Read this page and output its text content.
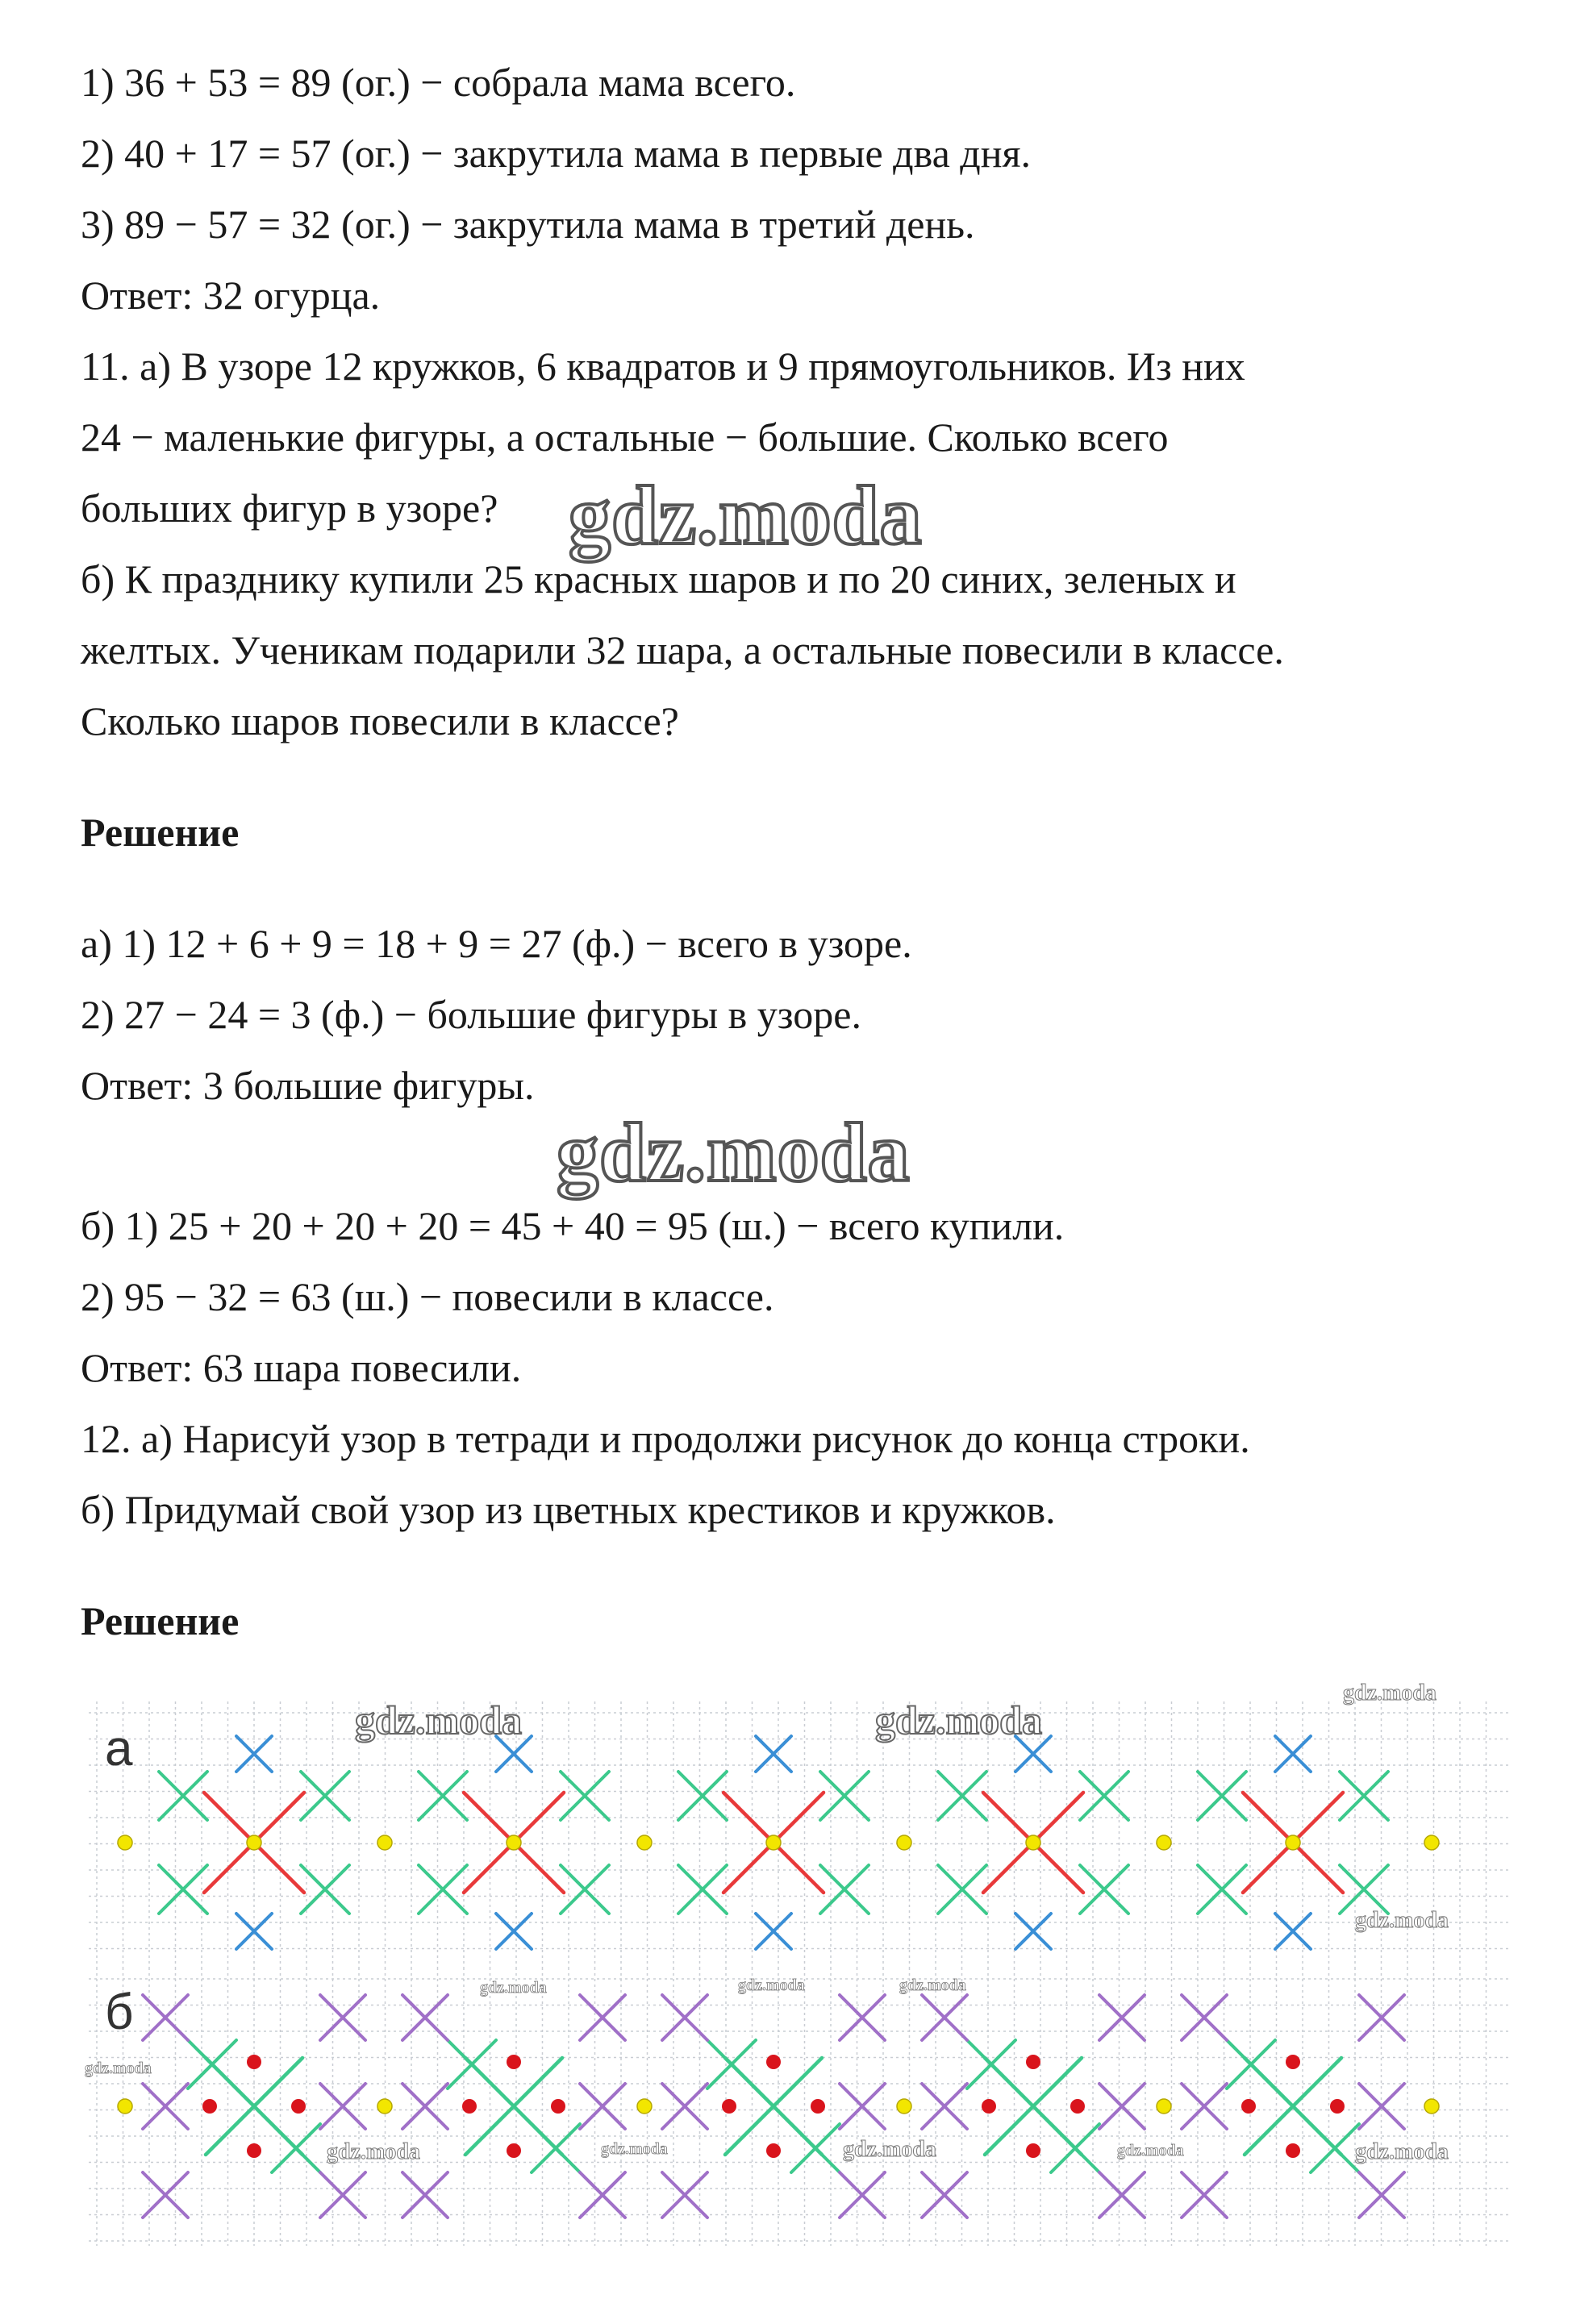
1) 36 + 53 = 89 (ог.) − собрала мама всего.
2) 40 + 17 = 57 (ог.) − закрутила мама в первые два дня.
3) 89 − 57 = 32 (ог.) − закрутила мама в третий день.
Ответ: 32 огурца.
11. а) В узоре 12 кружков, 6 квадратов и 9 прямоугольников. Из них
24 − маленькие фигуры, а остальные − большие. Сколько всего
больших фигур в узоре?
б) К празднику купили 25 красных шаров и по 20 синих, зеленых и
желтых. Ученикам подарили 32 шара, а остальные повесили в классе.
Сколько шаров повесили в классе?
Решение
а) 1) 12 + 6 + 9 = 18 + 9 = 27 (ф.) − всего в узоре.
2) 27 − 24 = 3 (ф.) − большие фигуры в узоре.
Ответ: 3 большие фигуры.
б) 1) 25 + 20 + 20 + 20 = 45 + 40 = 95 (ш.) − всего купили.
2) 95 − 32 = 63 (ш.) − повесили в классе.
Ответ: 63 шара повесили.
12. а) Нарисуй узор в тетради и продолжи рисунок до конца строки.
б) Придумай свой узор из цветных крестиков и кружков.
Решение
gdz.moda
gdz.moda
а
б
gdz.moda	gdz.moda
gdz.moda
gdz.moda
gdz.moda	gdz.moda	gdz.moda
gdz.moda
gdz.moda	gdz.moda	gdz.moda	gdz.moda	gdz.moda
